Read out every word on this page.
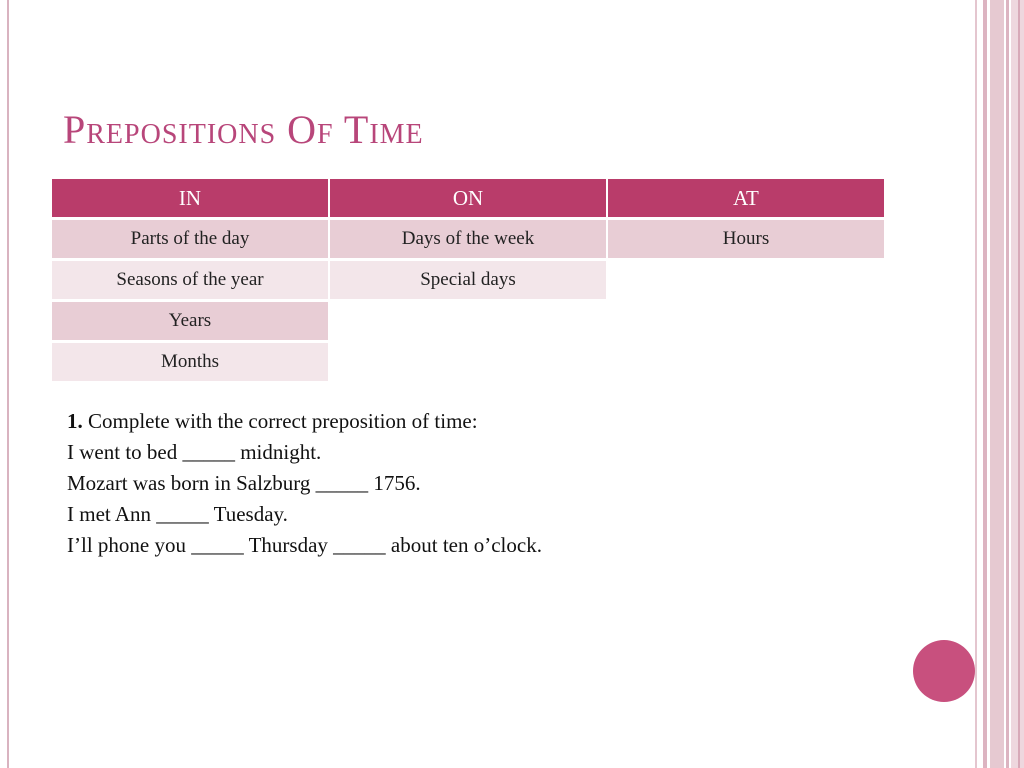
Prepositions Of Time
IN	ON	AT
Parts of the day	Days of the week	Hours
Seasons of the year	Special days	
Years		
Months		
1. Complete with the correct preposition of time:
I went to bed _____ midnight.
Mozart was born in Salzburg _____ 1756.
I met Ann _____ Tuesday.
I’ll phone you _____ Thursday _____ about ten o’clock.
